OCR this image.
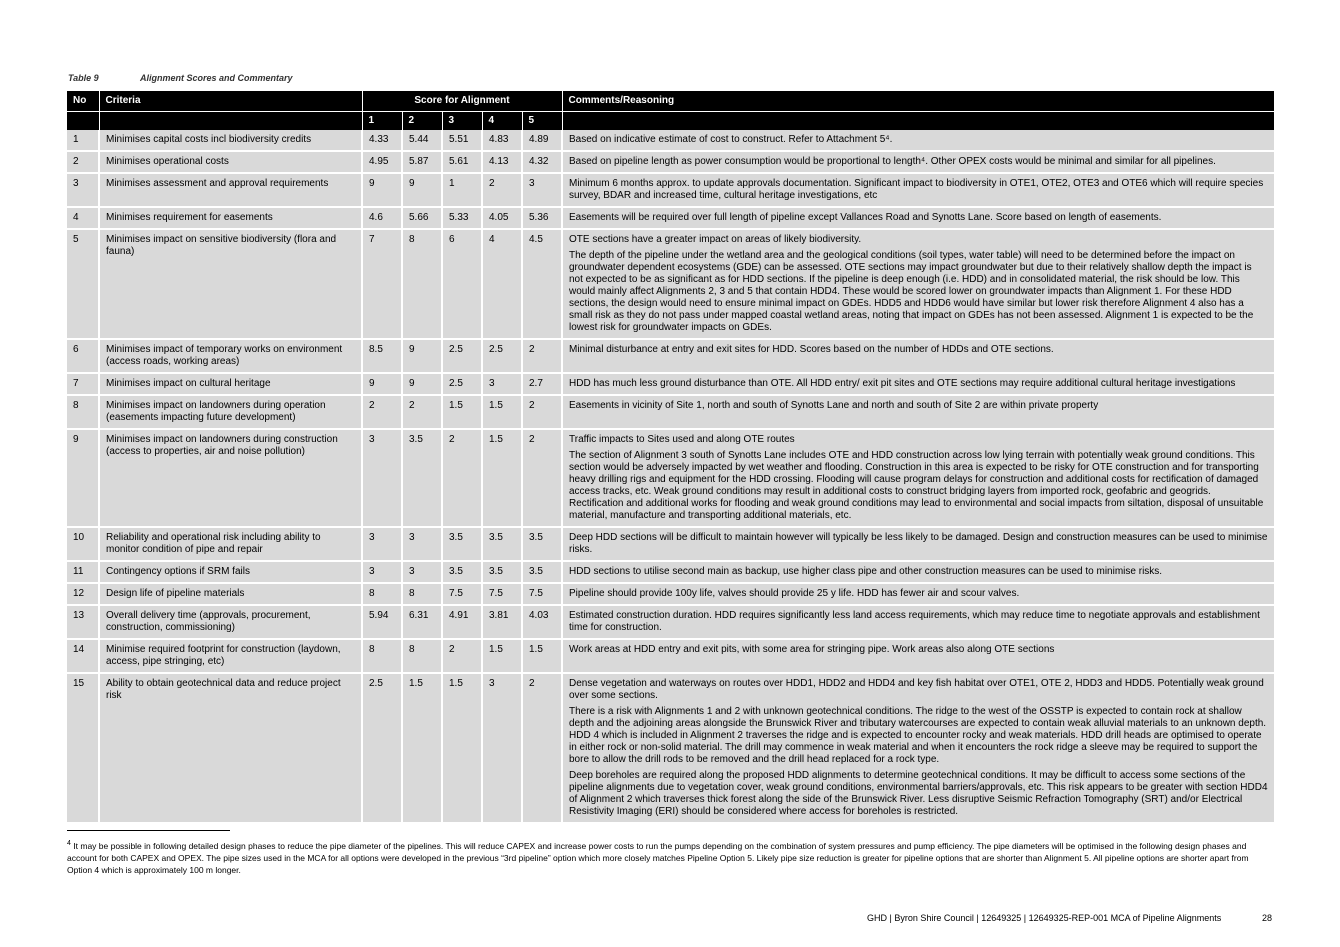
Table 9	Alignment Scores and Commentary
No	Criteria	Score for Alignment					Comments/Reasoning
		1	2	3	4	5	
1	Minimises capital costs incl biodiversity credits	4.33	5.44	5.51	4.83	4.89	Based on indicative estimate of cost to construct. Refer to Attachment 5⁴.

2	Minimises operational costs	4.95	5.87	5.61	4.13	4.32	Based on pipeline length as power consumption would be proportional to length⁴. Other OPEX costs would be minimal and similar for all pipelines.

3	Minimises assessment and approval requirements	9	9	1	2	3	Minimum 6 months approx. to update approvals documentation. Significant impact to biodiversity in OTE1, OTE2, OTE3 and OTE6 which will require species survey, BDAR and increased time, cultural heritage investigations, etc

4	Minimises requirement for easements	4.6	5.66	5.33	4.05	5.36	Easements will be required over full length of pipeline except Vallances Road and Synotts Lane. Score based on length of easements.

5	Minimises impact on sensitive biodiversity (flora and fauna)	7	8	6	4	4.5	OTE sections have a greater impact on areas of likely biodiversity.

The depth of the pipeline under the wetland area and the geological conditions (soil types, water table) will need to be determined before the impact on groundwater dependent ecosystems (GDE) can be assessed. OTE sections may impact groundwater but due to their relatively shallow depth the impact is not expected to be as significant as for HDD sections. If the pipeline is deep enough (i.e. HDD) and in consolidated material, the risk should be low. This would mainly affect Alignments 2, 3 and 5 that contain HDD4. These would be scored lower on groundwater impacts than Alignment 1. For these HDD sections, the design would need to ensure minimal impact on GDEs. HDD5 and HDD6 would have similar but lower risk therefore Alignment 4 also has a small risk as they do not pass under mapped coastal wetland areas, noting that impact on GDEs has not been assessed. Alignment 1 is expected to be the lowest risk for groundwater impacts on GDEs.

6	Minimises impact of temporary works on environment (access roads, working areas)	8.5	9	2.5	2.5	2	Minimal disturbance at entry and exit sites for HDD. Scores based on the number of HDDs and OTE sections.

7	Minimises impact on cultural heritage	9	9	2.5	3	2.7	HDD has much less ground disturbance than OTE. All HDD entry/ exit pit sites and OTE sections may require additional cultural heritage investigations

8	Minimises impact on landowners during operation (easements impacting future development)	2	2	1.5	1.5	2	Easements in vicinity of Site 1, north and south of Synotts Lane and north and south of Site 2 are within private property

9	Minimises impact on landowners during construction (access to properties, air and noise pollution)	3	3.5	2	1.5	2	Traffic impacts to Sites used and along OTE routes

The section of Alignment 3 south of Synotts Lane includes OTE and HDD construction across low lying terrain with potentially weak ground conditions. This section would be adversely impacted by wet weather and flooding. Construction in this area is expected to be risky for OTE construction and for transporting heavy drilling rigs and equipment for the HDD crossing. Flooding will cause program delays for construction and additional costs for rectification of damaged access tracks, etc. Weak ground conditions may result in additional costs to construct bridging layers from imported rock, geofabric and geogrids. Rectification and additional works for flooding and weak ground conditions may lead to environmental and social impacts from siltation, disposal of unsuitable material, manufacture and transporting additional materials, etc.

10	Reliability and operational risk including ability to monitor condition of pipe and repair	3	3	3.5	3.5	3.5	Deep HDD sections will be difficult to maintain however will typically be less likely to be damaged. Design and construction measures can be used to minimise risks.

11	Contingency options if SRM fails	3	3	3.5	3.5	3.5	HDD sections to utilise second main as backup, use higher class pipe and other construction measures can be used to minimise risks.

12	Design life of pipeline materials	8	8	7.5	7.5	7.5	Pipeline should provide 100y life, valves should provide 25 y life. HDD has fewer air and scour valves.

13	Overall delivery time (approvals, procurement, construction, commissioning)	5.94	6.31	4.91	3.81	4.03	Estimated construction duration. HDD requires significantly less land access requirements, which may reduce time to negotiate approvals and establishment time for construction.

14	Minimise required footprint for construction (laydown, access, pipe stringing, etc)	8	8	2	1.5	1.5	Work areas at HDD entry and exit pits, with some area for stringing pipe. Work areas also along OTE sections

15	Ability to obtain geotechnical data and reduce project risk	2.5	1.5	1.5	3	2	Dense vegetation and waterways on routes over HDD1, HDD2 and HDD4 and key fish habitat over OTE1, OTE 2, HDD3 and HDD5. Potentially weak ground over some sections.

There is a risk with Alignments 1 and 2 with unknown geotechnical conditions. The ridge to the west of the OSSTP is expected to contain rock at shallow depth and the adjoining areas alongside the Brunswick River and tributary watercourses are expected to contain weak alluvial materials to an unknown depth. HDD 4 which is included in Alignment 2 traverses the ridge and is expected to encounter rocky and weak materials. HDD drill heads are optimised to operate in either rock or non-solid material. The drill may commence in weak material and when it encounters the rock ridge a sleeve may be required to support the bore to allow the drill rods to be removed and the drill head replaced for a rock type.

Deep boreholes are required along the proposed HDD alignments to determine geotechnical conditions. It may be difficult to access some sections of the pipeline alignments due to vegetation cover, weak ground conditions, environmental barriers/approvals, etc. This risk appears to be greater with section HDD4 of Alignment 2 which traverses thick forest along the side of the Brunswick River. Less disruptive Seismic Refraction Tomography (SRT) and/or Electrical Resistivity Imaging (ERI) should be considered where access for boreholes is restricted.

$^4$ It may be possible in following detailed design phases to reduce the pipe diameter of the pipelines. This will reduce CAPEX and increase power costs to run the pumps depending on the combination of system pressures and pump efficiency. The pipe diameters will be optimised in the following design phases and account for both CAPEX and OPEX. The pipe sizes used in the MCA for all options were developed in the previous “3rd pipeline” option which more closely matches Pipeline Option 5. Likely pipe size reduction is greater for pipeline options that are shorter than Alignment 5. All pipeline options are shorter apart from Option 4 which is approximately 100 m longer.
GHD | Byron Shire Council | 12649325 | 12649325-REP-001 MCA of Pipeline Alignments	28
